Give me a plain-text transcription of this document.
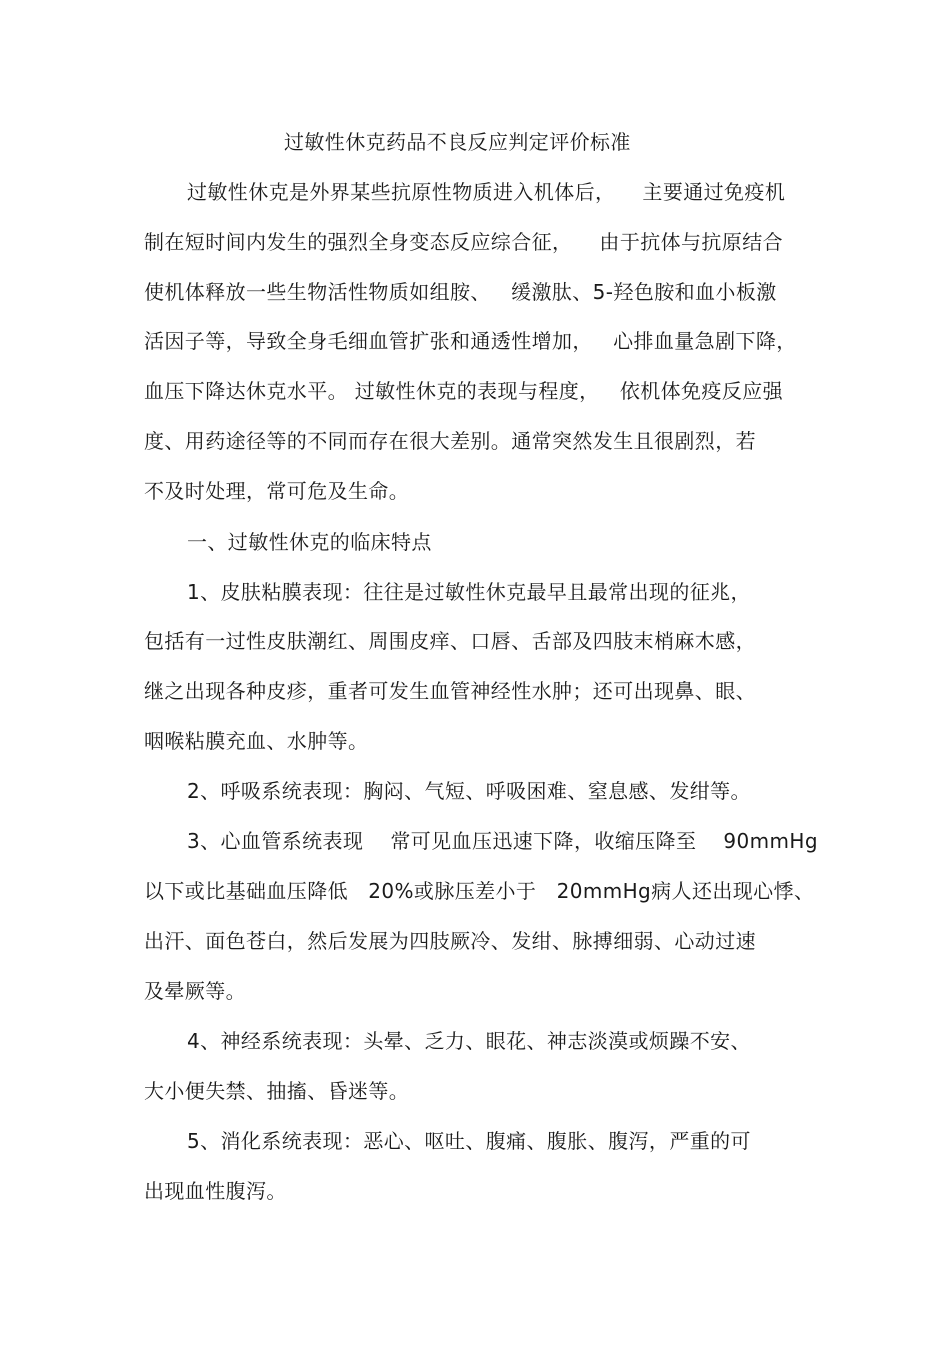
过敏性休克药品不良反应判定评价标准

过敏性休克是外界某些抗原性物质进入机体后，    主要通过免疫机

制在短时间内发生的强烈全身变态反应综合征，    由于抗体与抗原结合

使机体释放一些生物活性物质如组胺、   缓激肽、5-羟色胺和血小板激

活因子等，导致全身毛细血管扩张和通透性增加，   心排血量急剧下降，

血压下降达休克水平。 过敏性休克的表现与程度，   依机体免疫反应强

度、用药途径等的不同而存在很大差别。通常突然发生且很剧烈，若

不及时处理，常可危及生命。

一、过敏性休克的临床特点

1、皮肤粘膜表现：往往是过敏性休克最早且最常出现的征兆，

包括有一过性皮肤潮红、周围皮痒、口唇、舌部及四肢末梢麻木感，

继之出现各种皮疹，重者可发生血管神经性水肿；还可出现鼻、眼、

咽喉粘膜充血、水肿等。

2、呼吸系统表现：胸闷、气短、呼吸困难、窒息感、发绀等。

3、心血管系统表现    常可见血压迅速下降，收缩压降至    90mmHg

以下或比基础血压降低   20%或脉压差小于   20mmHg病人还出现心悸、

出汗、面色苍白，然后发展为四肢厥冷、发绀、脉搏细弱、心动过速

及晕厥等。

4、神经系统表现：头晕、乏力、眼花、神志淡漠或烦躁不安、

大小便失禁、抽搐、昏迷等。

5、消化系统表现：恶心、呕吐、腹痛、腹胀、腹泻，严重的可

出现血性腹泻。
